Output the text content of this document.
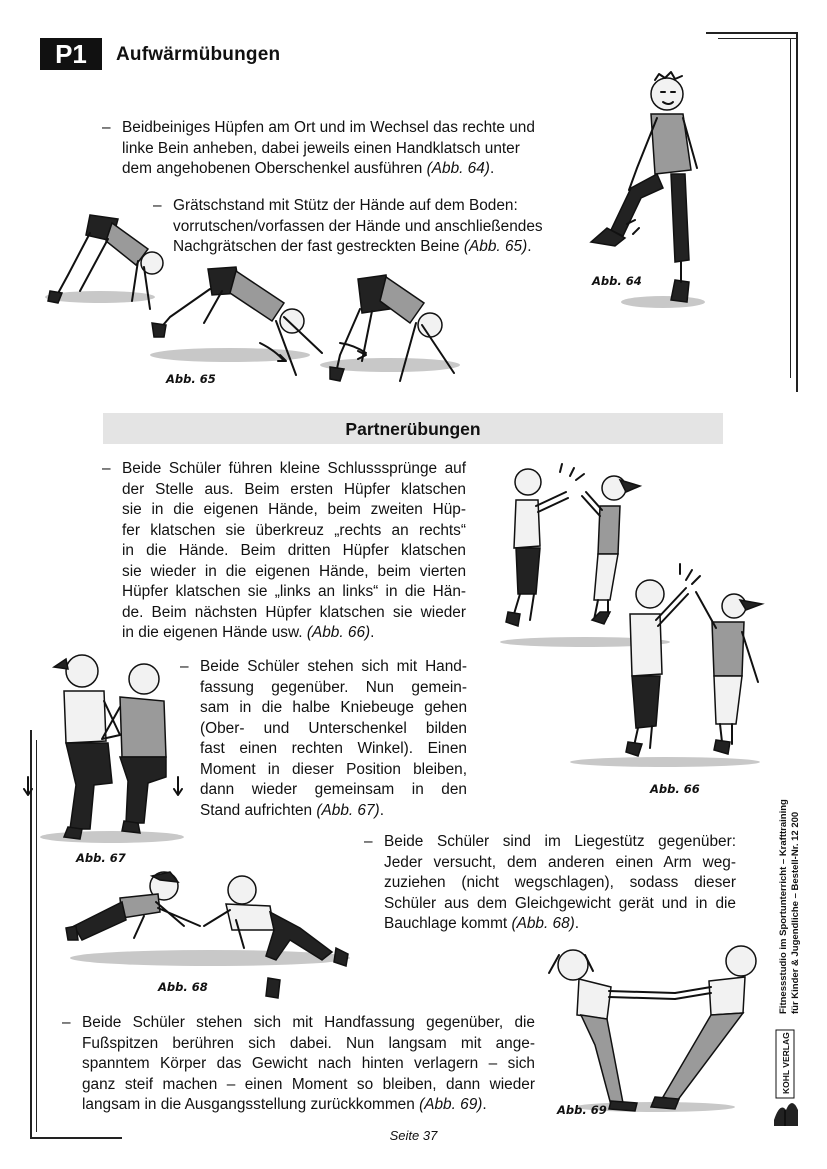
P1	Aufwärmübungen
– Beidbeiniges Hüpfen am Ort und im Wechsel das rechte und
linke Bein anheben, dabei jeweils einen Handklatsch unter
dem angehobenen Oberschenkel ausführen (Abb. 64).
– Grätschstand mit Stütz der Hände auf dem Boden:
vorrutschen/vorfassen der Hände und anschließendes
Nachgrätschen der fast gestreckten Beine (Abb. 65).
Abb. 65
Abb. 64
Partnerübungen
– Beide Schüler führen kleine Schlusssprünge auf
der Stelle aus. Beim ersten Hüpfer klatschen
sie in die eigenen Hände, beim zweiten Hüp-
fer klatschen sie überkreuz „rechts an rechts“
in die Hände. Beim dritten Hüpfer klatschen
sie wieder in die eigenen Hände, beim vierten
Hüpfer klatschen sie „links an links“ in die Hän-
de. Beim nächsten Hüpfer klatschen sie wieder
in die eigenen Hände usw. (Abb. 66).
Abb. 66
Abb. 67
– Beide Schüler stehen sich mit Hand-
fassung gegenüber. Nun gemein-
sam in die halbe Kniebeuge gehen
(Ober- und Unterschenkel bilden
fast einen rechten Winkel). Einen
Moment in dieser Position bleiben,
dann wieder gemeinsam in den
Stand aufrichten (Abb. 67).
– Beide Schüler sind im Liegestütz gegenüber:
Jeder versucht, dem anderen einen Arm weg-
zuziehen (nicht wegschlagen), sodass dieser
Schüler aus dem Gleichgewicht gerät und in die
Bauchlage kommt (Abb. 68).
Abb. 68
Abb. 69
– Beide Schüler stehen sich mit Handfassung gegenüber, die
Fußspitzen berühren sich dabei. Nun langsam mit ange-
spanntem Körper das Gewicht nach hinten verlagern – sich
ganz steif machen – einen Moment so bleiben, dann wieder
langsam in die Ausgangsstellung zurückkommen (Abb. 69).
Fitnessstudio im Sportunterricht – Krafttraining für Kinder & Jugendliche – Bestell-Nr. 12 200
KOHL VERLAG
Seite 37
